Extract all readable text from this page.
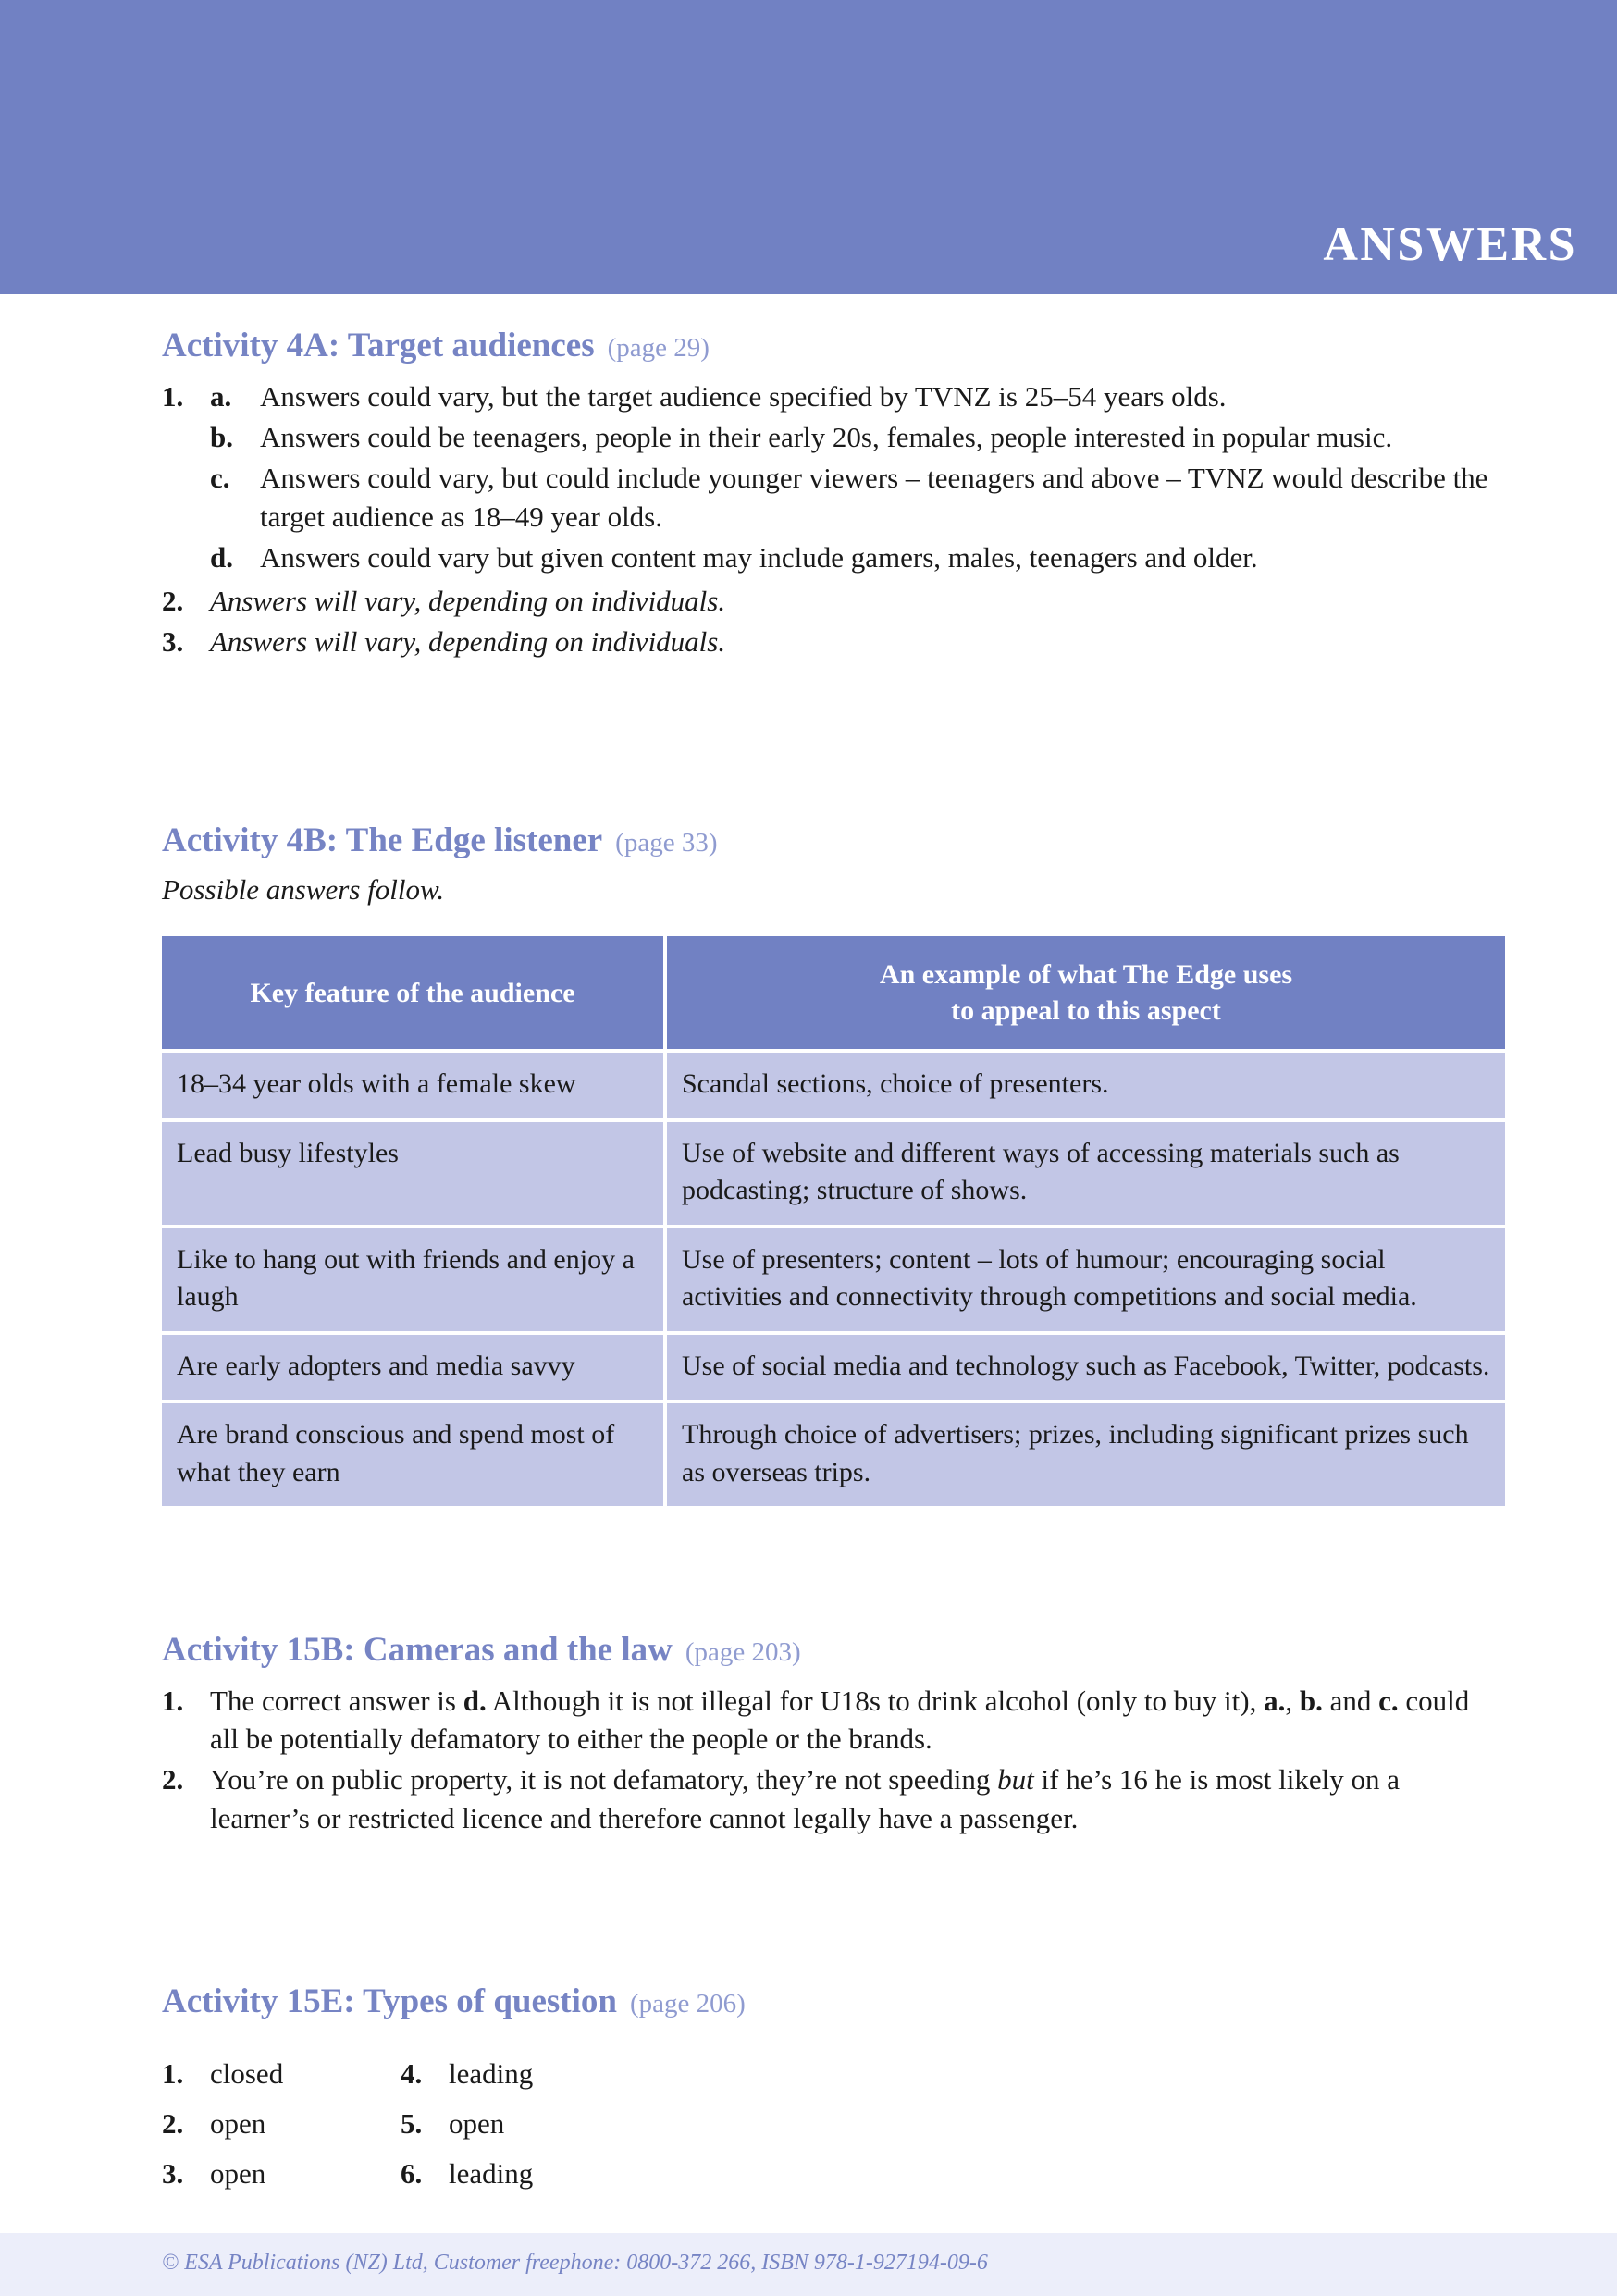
ANSWERS
Activity 4A: Target audiences (page 29)
1. a. Answers could vary, but the target audience specified by TVNZ is 25–54 years olds.
b. Answers could be teenagers, people in their early 20s, females, people interested in popular music.
c.	Answers could vary, but could include younger viewers – teenagers and above – TVNZ would describe the target audience as 18–49 year olds.
d. Answers could vary but given content may include gamers, males, teenagers and older.
2. Answers will vary, depending on individuals.
3. Answers will vary, depending on individuals.
Activity 4B: The Edge listener (page 33)
Possible answers follow.
Key feature of the audience	An example of what The Edge uses
to appeal to this aspect
18–34 year olds with a female skew	Scandal sections, choice of presenters.
Lead busy lifestyles	Use of website and different ways of accessing materials such as podcasting; structure of shows.
Like to hang out with friends and enjoy a laugh	Use of presenters; content – lots of humour; encouraging social activities and connectivity through competitions and social media.
Are early adopters and media savvy	Use of social media and technology such as Facebook, Twitter, podcasts.
Are brand conscious and spend most of what they earn	Through choice of advertisers; prizes, including significant prizes such as overseas trips.
Activity 15B: Cameras and the law (page 203)
1. The correct answer is d. Although it is not illegal for U18s to drink alcohol (only to buy it), a., b. and c. could all be potentially defamatory to either the people or the brands.
2. You’re on public property, it is not defamatory, they’re not speeding but if he’s 16 he is most likely on a learner’s or restricted licence and therefore cannot legally have a passenger.
Activity 15E: Types of question (page 206)
1. closed	4. leading
2. open	5. open
3. open	6. leading
© ESA Publications (NZ) Ltd, Customer freephone: 0800-372 266, ISBN 978-1-927194-09-6
